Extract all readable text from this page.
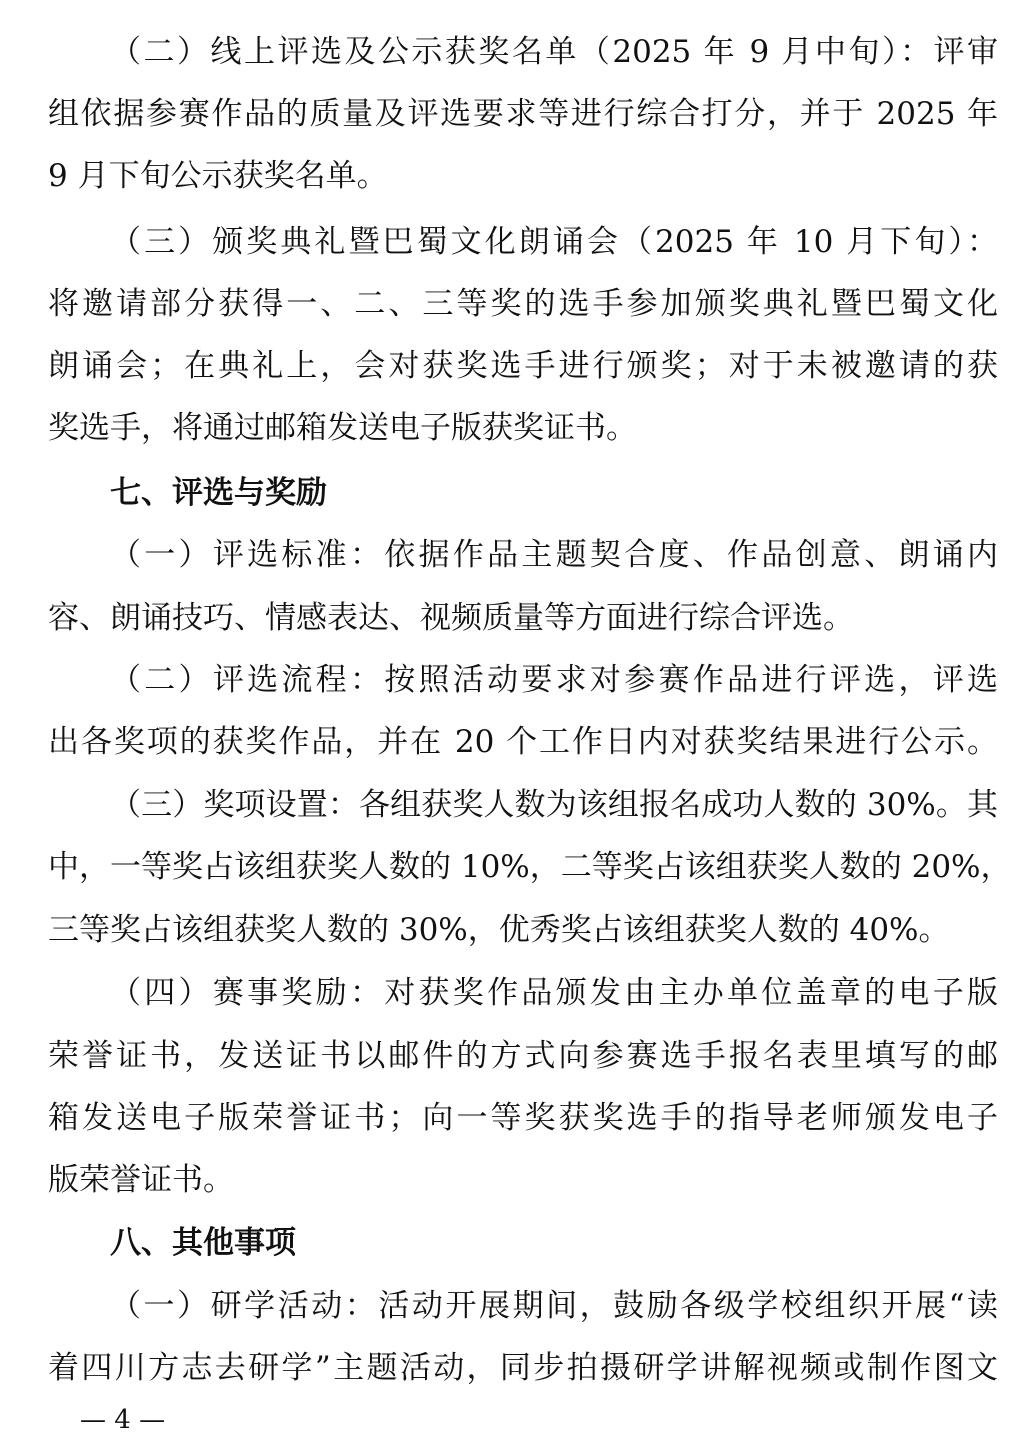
（二）线上评选及公示获奖名单（2025 年 9 月中旬）：评审
组依据参赛作品的质量及评选要求等进行综合打分，并于 2025 年
9 月下旬公示获奖名单。
（三）颁奖典礼暨巴蜀文化朗诵会（2025 年 10 月下旬）：
将邀请部分获得一、二、三等奖的选手参加颁奖典礼暨巴蜀文化
朗诵会；在典礼上，会对获奖选手进行颁奖；对于未被邀请的获
奖选手，将通过邮箱发送电子版获奖证书。
七、评选与奖励
（一）评选标准：依据作品主题契合度、作品创意、朗诵内
容、朗诵技巧、情感表达、视频质量等方面进行综合评选。
（二）评选流程：按照活动要求对参赛作品进行评选，评选
出各奖项的获奖作品，并在 20 个工作日内对获奖结果进行公示。
（三）奖项设置：各组获奖人数为该组报名成功人数的 30%。其
中，一等奖占该组获奖人数的 10%，二等奖占该组获奖人数的 20%，
三等奖占该组获奖人数的 30%，优秀奖占该组获奖人数的 40%。
（四）赛事奖励：对获奖作品颁发由主办单位盖章的电子版
荣誉证书，发送证书以邮件的方式向参赛选手报名表里填写的邮
箱发送电子版荣誉证书；向一等奖获奖选手的指导老师颁发电子
版荣誉证书。
八、其他事项
（一）研学活动：活动开展期间，鼓励各级学校组织开展“读
着四川方志去研学”主题活动，同步拍摄研学讲解视频或制作图文
— 4 —
